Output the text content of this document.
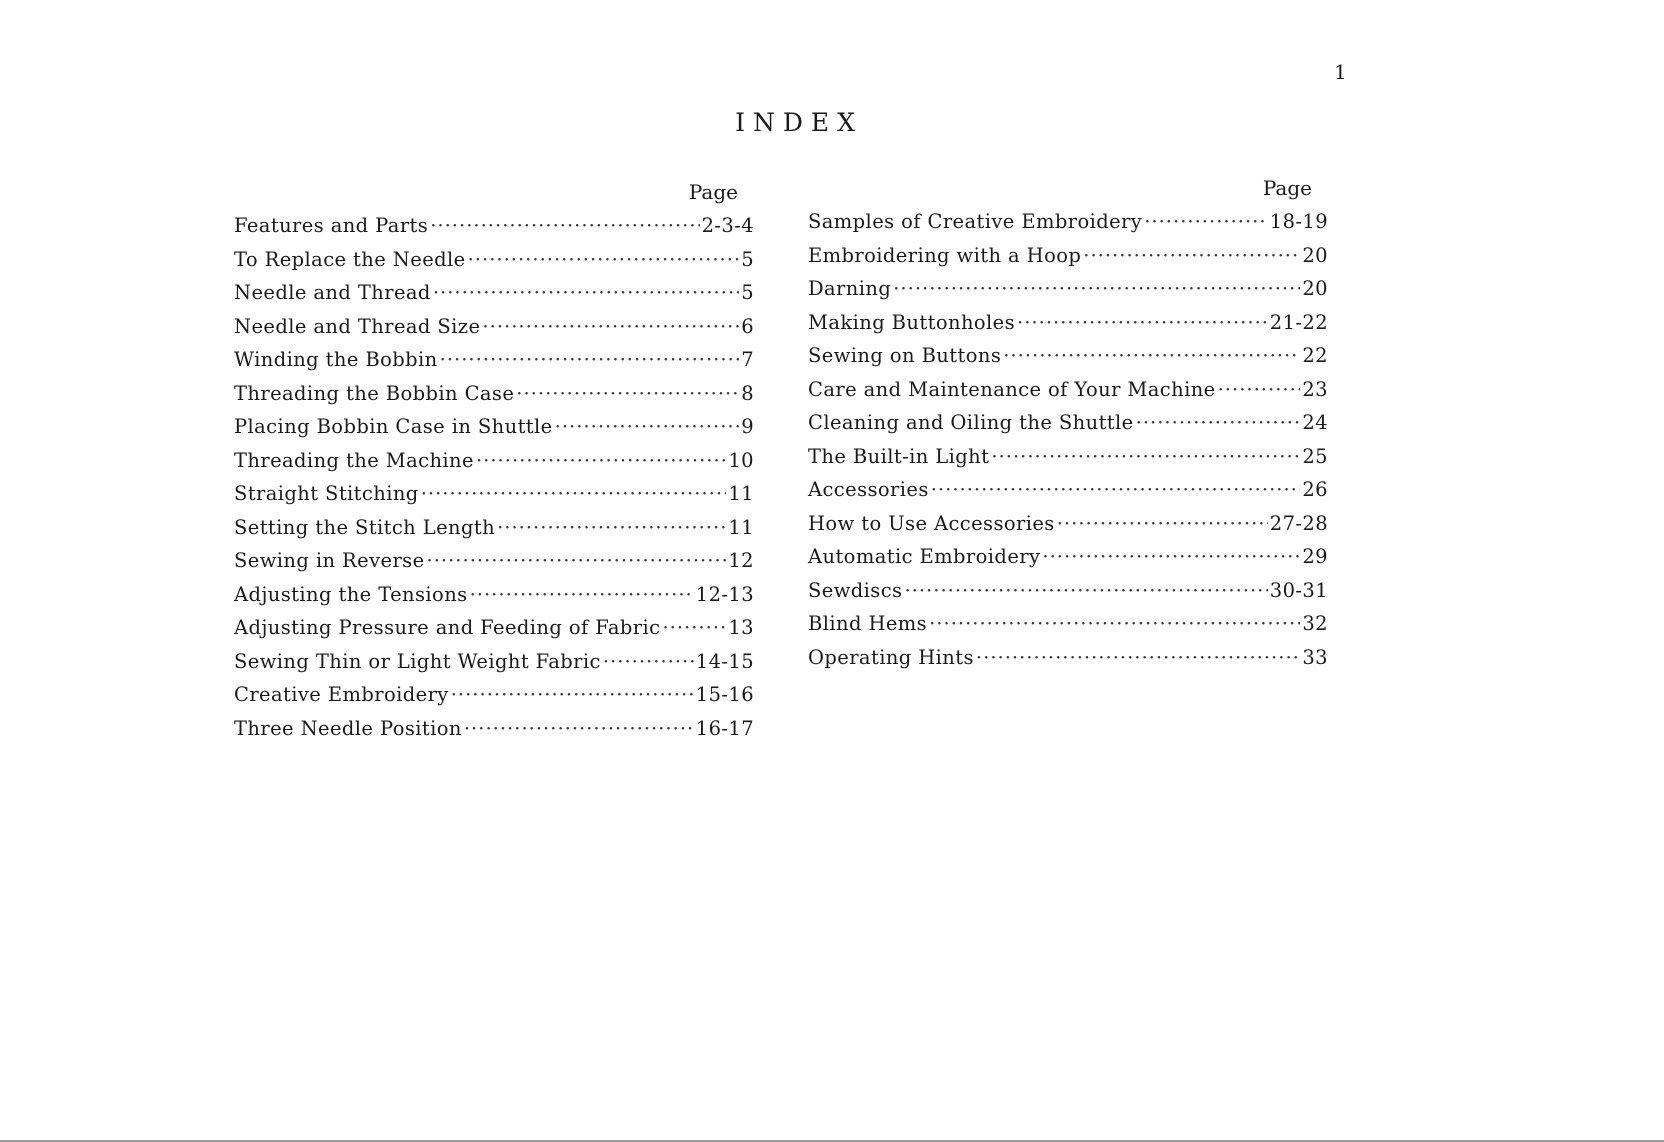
1
INDEX
Page
Features and Parts ·····	2-3-4
To Replace the Needle ·····	5
Needle and Thread ·····	5
Needle and Thread Size ·····	6
Winding the Bobbin ·····	7
Threading the Bobbin Case ·····	8
Placing Bobbin Case in Shuttle ·····	9
Threading the Machine ·····	10
Straight Stitching ·····	11
Setting the Stitch Length ·····	11
Sewing in Reverse ·····	12
Adjusting the Tensions ·····	12-13
Adjusting Pressure and Feeding of Fabric ·····	13
Sewing Thin or Light Weight Fabric ·····	14-15
Creative Embroidery ·····	15-16
Three Needle Position ·····	16-17
Page
Samples of Creative Embroidery ·····	18-19
Embroidering with a Hoop ·····	20
Darning ·····	20
Making Buttonholes ·····	21-22
Sewing on Buttons ·····	22
Care and Maintenance of Your Machine ·····	23
Cleaning and Oiling the Shuttle ·····	24
The Built-in Light ·····	25
Accessories ·····	26
How to Use Accessories ·····	27-28
Automatic Embroidery ·····	29
Sewdiscs ·····	30-31
Blind Hems ·····	32
Operating Hints ·····	33
